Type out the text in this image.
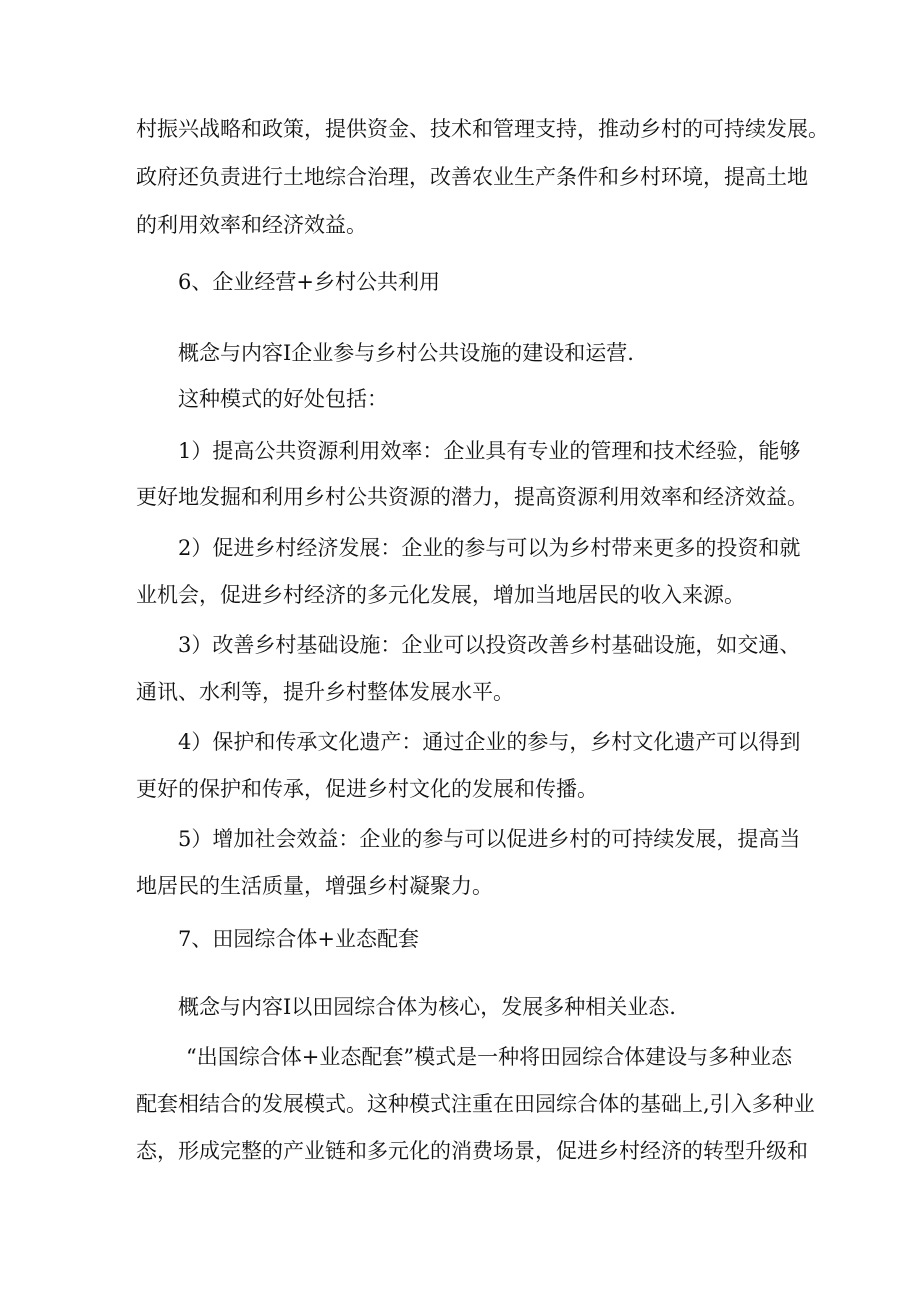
村振兴战略和政策，提供资金、技术和管理支持，推动乡村的可持续发展。
政府还负责进行土地综合治理，改善农业生产条件和乡村环境，提高土地
的利用效率和经济效益。
6、企业经营+乡村公共利用
概念与内容I企业参与乡村公共设施的建设和运营.
这种模式的好处包括：
1）提高公共资源利用效率：企业具有专业的管理和技术经验，能够
更好地发掘和利用乡村公共资源的潜力，提高资源利用效率和经济效益。
2）促进乡村经济发展：企业的参与可以为乡村带来更多的投资和就
业机会，促进乡村经济的多元化发展，增加当地居民的收入来源。
3）改善乡村基础设施：企业可以投资改善乡村基础设施，如交通、
通讯、水利等，提升乡村整体发展水平。
4）保护和传承文化遗产：通过企业的参与，乡村文化遗产可以得到
更好的保护和传承，促进乡村文化的发展和传播。
5）增加社会效益：企业的参与可以促进乡村的可持续发展，提高当
地居民的生活质量，增强乡村凝聚力。
7、田园综合体+业态配套
概念与内容I以田园综合体为核心，发展多种相关业态.
“出国综合体+业态配套”模式是一种将田园综合体建设与多种业态
配套相结合的发展模式。这种模式注重在田园综合体的基础上,引入多种业
态，形成完整的产业链和多元化的消费场景，促进乡村经济的转型升级和
